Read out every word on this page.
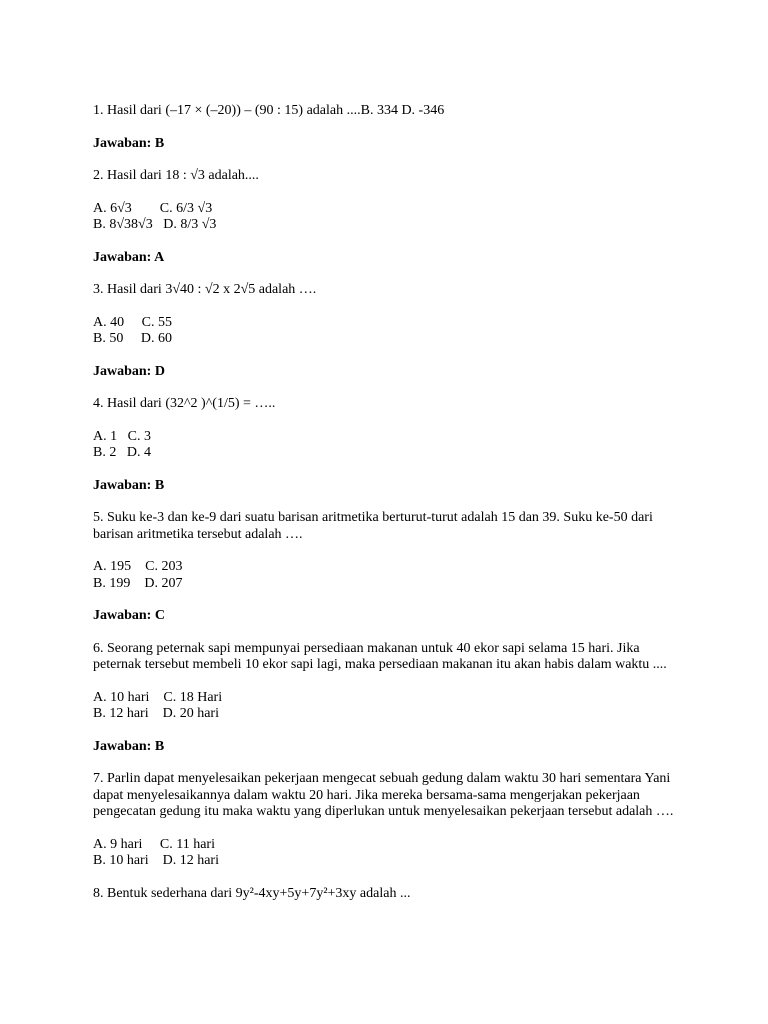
1. Hasil dari (–17 × (–20)) – (90 : 15) adalah ....B. 334 D. -346

Jawaban: B

2. Hasil dari 18 : √3 adalah....

A. 6√3        C. 6/3 √3
B. 8√38√3   D. 8/3 √3

Jawaban: A

3. Hasil dari 3√40 : √2 x 2√5 adalah ….

A. 40     C. 55
B. 50     D. 60

Jawaban: D

4. Hasil dari (32^2 )^(1/5) = …..

A. 1   C. 3
B. 2   D. 4

Jawaban: B

5. Suku ke-3 dan ke-9 dari suatu barisan aritmetika berturut-turut adalah 15 dan 39. Suku ke-50 dari barisan aritmetika tersebut adalah ….

A. 195    C. 203
B. 199    D. 207

Jawaban: C

6. Seorang peternak sapi mempunyai persediaan makanan untuk 40 ekor sapi selama 15 hari. Jika peternak tersebut membeli 10 ekor sapi lagi, maka persediaan makanan itu akan habis dalam waktu ....

A. 10 hari    C. 18 Hari
B. 12 hari    D. 20 hari

Jawaban: B

7. Parlin dapat menyelesaikan pekerjaan mengecat sebuah gedung dalam waktu 30 hari sementara Yani dapat menyelesaikannya dalam waktu 20 hari. Jika mereka bersama-sama mengerjakan pekerjaan pengecatan gedung itu maka waktu yang diperlukan untuk menyelesaikan pekerjaan tersebut adalah ….

A. 9 hari     C. 11 hari
B. 10 hari    D. 12 hari

8. Bentuk sederhana dari 9y²-4xy+5y+7y²+3xy adalah ...
